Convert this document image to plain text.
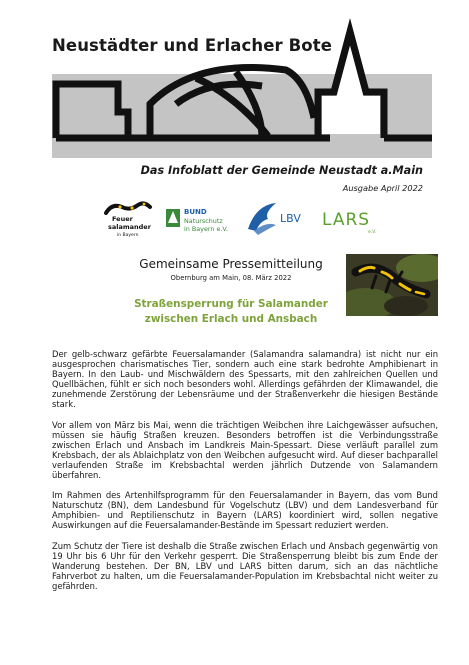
Neustädter und Erlacher Bote
Das Infoblatt der Gemeinde Neustadt a.Main
Ausgabe April 2022
Feuer
salamander
in Bayern
BUND
Naturschutz
in Bayern e.V.
LBV LARS
e.V.
Gemeinsame Pressemitteilung
Obernburg am Main, 08. März 2022
Straßensperrung für Salamander
zwischen Erlach und Ansbach

Der gelb-schwarz gefärbte Feuersalamander (Salamandra salamandra) ist nicht nur ein ausgesprochen charismatisches Tier, sondern auch eine stark bedrohte Amphibienart in Bayern. In den Laub- und Mischwäldern des Spessarts, mit den zahlreichen Quellen und Quellbächen, fühlt er sich noch besonders wohl. Allerdings gefährden der Klimawandel, die zunehmende Zerstörung der Lebensräume und der Straßenverkehr die hiesigen Bestände stark.

Vor allem von März bis Mai, wenn die trächtigen Weibchen ihre Laichgewässer aufsuchen, müssen sie häufig Straßen kreuzen. Besonders betroffen ist die Verbindungsstraße zwischen Erlach und Ansbach im Landkreis Main-Spessart. Diese verläuft parallel zum Krebsbach, der als Ablaichplatz von den Weibchen aufgesucht wird. Auf dieser bachparallel verlaufenden Straße im Krebsbachtal werden jährlich Dutzende von Salamandern überfahren.

Im Rahmen des Artenhilfsprogramm für den Feuersalamander in Bayern, das vom Bund Naturschutz (BN), dem Landesbund für Vogelschutz (LBV) und dem Landesverband für Amphibien- und Reptilienschutz in Bayern (LARS) koordiniert wird, sollen negative Auswirkungen auf die Feuersalamander-Bestände im Spessart reduziert werden.

Zum Schutz der Tiere ist deshalb die Straße zwischen Erlach und Ansbach gegenwärtig von 19 Uhr bis 6 Uhr für den Verkehr gesperrt. Die Straßensperrung bleibt bis zum Ende der Wanderung bestehen. Der BN, LBV und LARS bitten darum, sich an das nächtliche Fahrverbot zu halten, um die Feuersalamander-Population im Krebsbachtal nicht weiter zu gefährden.
